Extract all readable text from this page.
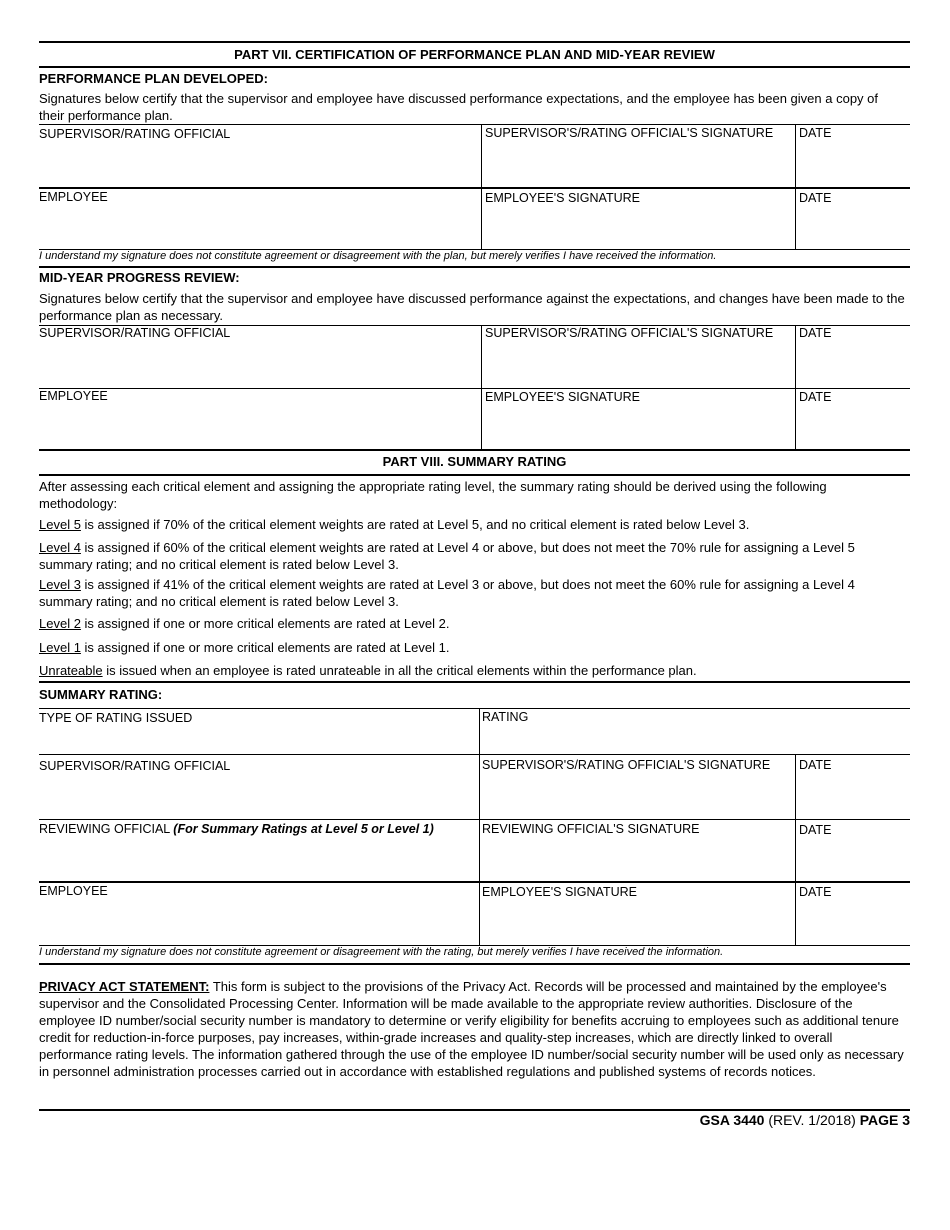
PART VII. CERTIFICATION OF PERFORMANCE PLAN AND MID-YEAR REVIEW
PERFORMANCE PLAN DEVELOPED:
Signatures below certify that the supervisor and employee have discussed performance expectations, and the employee has been given a copy of their performance plan.
SUPERVISOR/RATING OFFICIAL	SUPERVISOR'S/RATING OFFICIAL'S SIGNATURE DATE
EMPLOYEE	EMPLOYEE'S SIGNATURE	DATE
I understand my signature does not constitute agreement or disagreement with the plan, but merely verifies I have received the information.
MID-YEAR PROGRESS REVIEW:
Signatures below certify that the supervisor and employee have discussed performance against the expectations, and changes have been made to the performance plan as necessary.
SUPERVISOR/RATING OFFICIAL	SUPERVISOR'S/RATING OFFICIAL'S SIGNATURE DATE
EMPLOYEE	EMPLOYEE'S SIGNATURE	DATE
PART VIII. SUMMARY RATING
After assessing each critical element and assigning the appropriate rating level, the summary rating should be derived using the following methodology:
Level 5 is assigned if 70% of the critical element weights are rated at Level 5, and no critical element is rated below Level 3.
Level 4 is assigned if 60% of the critical element weights are rated at Level 4 or above, but does not meet the 70% rule for assigning a Level 5 summary rating; and no critical element is rated below Level 3.
Level 3 is assigned if 41% of the critical element weights are rated at Level 3 or above, but does not meet the 60% rule for assigning a Level 4 summary rating; and no critical element is rated below Level 3.
Level 2 is assigned if one or more critical elements are rated at Level 2.
Level 1 is assigned if one or more critical elements are rated at Level 1.
Unrateable is issued when an employee is rated unrateable in all the critical elements within the performance plan.
SUMMARY RATING:
TYPE OF RATING ISSUED	RATING
SUPERVISOR/RATING OFFICIAL	SUPERVISOR'S/RATING OFFICIAL'S SIGNATURE DATE
REVIEWING OFFICIAL (For Summary Ratings at Level 5 or Level 1)	REVIEWING OFFICIAL'S SIGNATURE	DATE
EMPLOYEE	EMPLOYEE'S SIGNATURE	DATE
I understand my signature does not constitute agreement or disagreement with the rating, but merely verifies I have received the information.
PRIVACY ACT STATEMENT: This form is subject to the provisions of the Privacy Act. Records will be processed and maintained by the employee's supervisor and the Consolidated Processing Center. Information will be made available to the appropriate review authorities. Disclosure of the employee ID number/social security number is mandatory to determine or verify eligibility for benefits accruing to employees such as additional tenure credit for reduction-in-force purposes, pay increases, within-grade increases and quality-step increases, which are directly linked to overall performance rating levels. The information gathered through the use of the employee ID number/social security number will be used only as necessary in personnel administration processes carried out in accordance with established regulations and published systems of records notices.
GSA 3440 (REV. 1/2018) PAGE 3
